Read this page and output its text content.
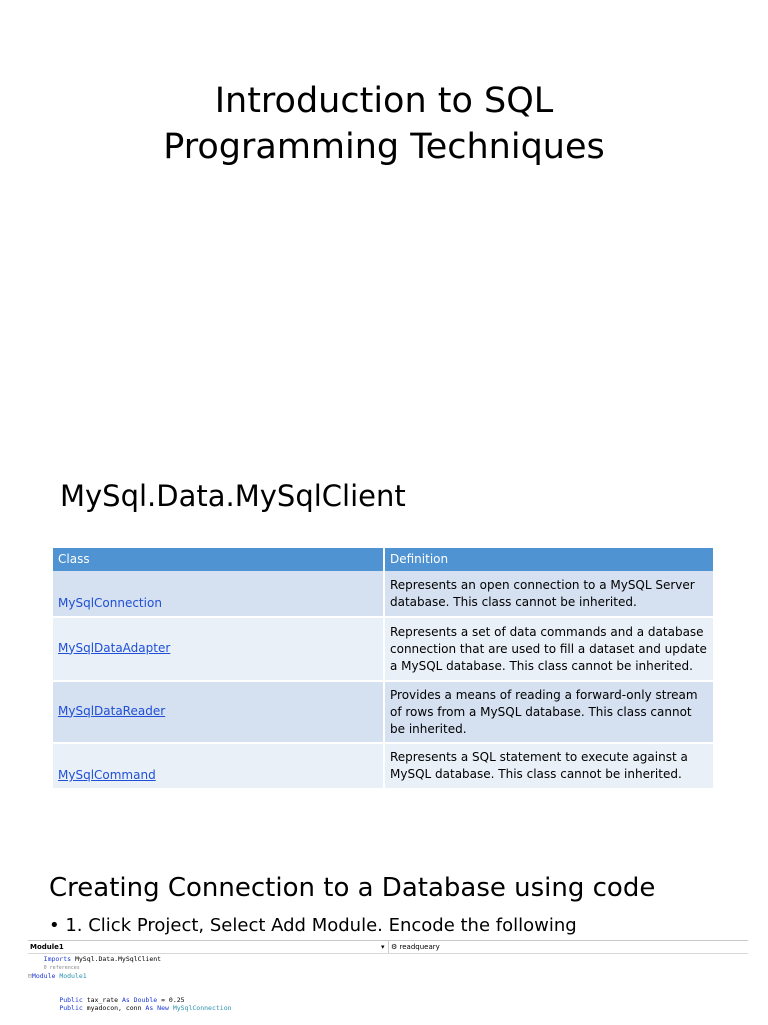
Introduction to SQL
Programming Techniques
MySql.Data.MySqlClient
Class	Definition
MySqlConnection	Represents an open connection to a MySQL Server database. This class cannot be inherited.
MySqlDataAdapter	Represents a set of data commands and a database connection that are used to fill a dataset and update a MySQL database. This class cannot be inherited.
MySqlDataReader	Provides a means of reading a forward-only stream of rows from a MySQL database. This class cannot be inherited.
MySqlCommand	Represents a SQL statement to execute against a MySQL database. This class cannot be inherited.
Creating Connection to a Database using code
• 1. Click Project, Select Add Module. Encode the following
Module1	▾ ⚙ readqueary
Imports MySql.Data.MySqlClient
0 references
⊟Module Module1

Public tax_rate As Double = 0.25
Public myadocon, conn As New MySqlConnection
